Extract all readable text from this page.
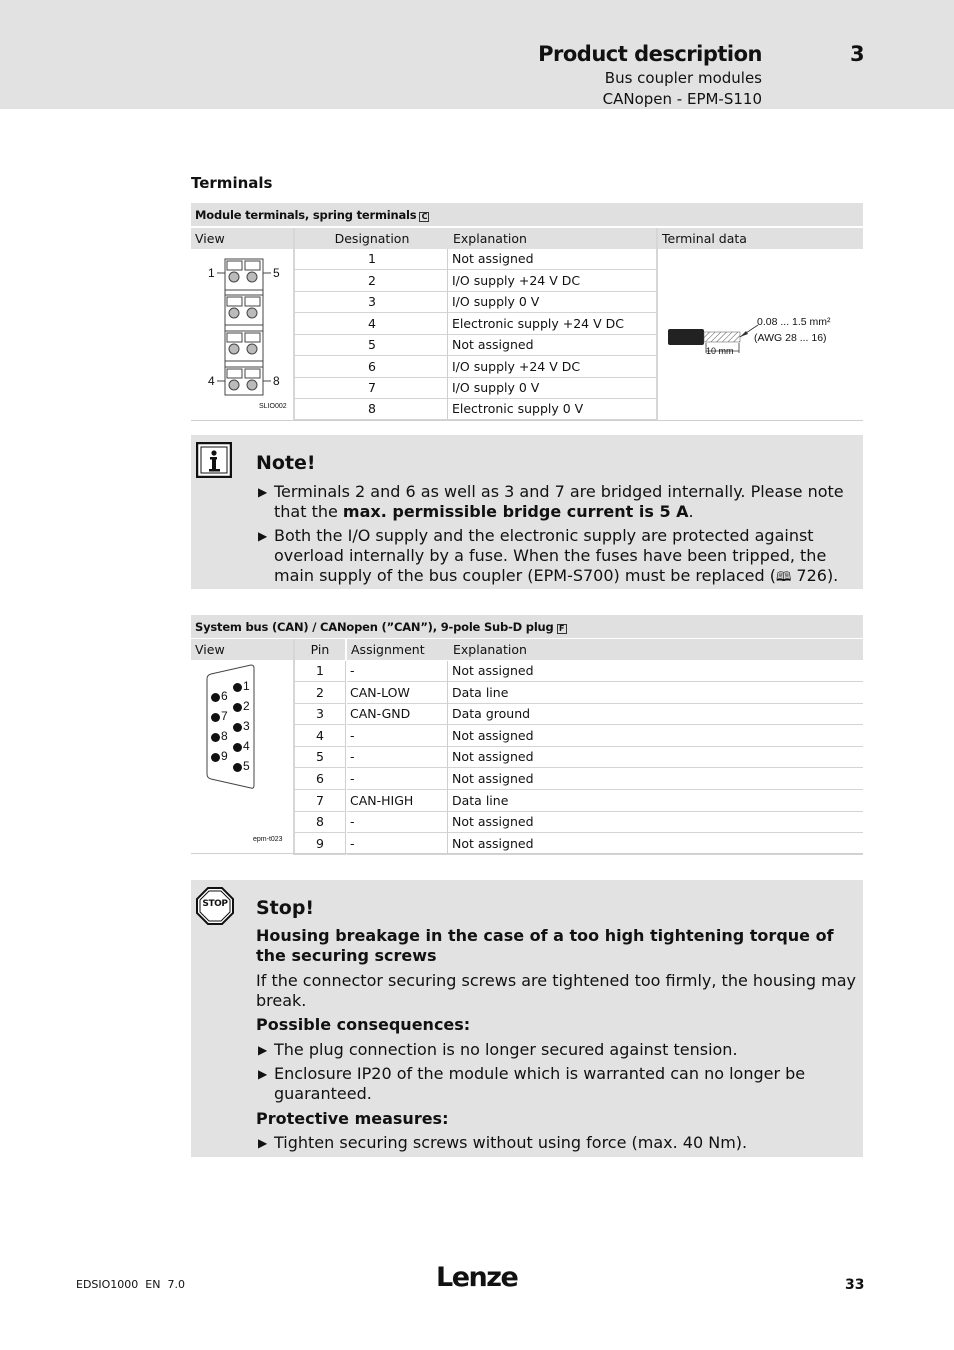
Product description	3
Bus coupler modules
CANopen - EPM-S110
Terminals
Module terminals, spring terminals C
View	Designation	Explanation	Terminal data
1	Not assigned
2	I/O supply +24 V DC
3	I/O supply 0 V
4	Electronic supply +24 V DC
5	Not assigned
6	I/O supply +24 V DC
7	I/O supply 0 V
8	Electronic supply 0 V
1	5
4	8
SLIO002
0.08 ... 1.5 mm²
(AWG 28 ... 16)
10 mm
Note!
▶ Terminals 2 and 6 as well as 3 and 7 are bridged internally. Please note that the max. permissible bridge current is 5 A.
▶ Both the I/O supply and the electronic supply are protected against overload internally by a fuse. When the fuses have been tripped, the main supply of the bus coupler (EPM-S700) must be replaced (🕮 726).
System bus (CAN) / CANopen (”CAN”), 9-pole Sub-D plug F
View	Pin	Assignment	Explanation
1	-	Not assigned
2	CAN-LOW	Data line
3	CAN-GND	Data ground
4	-	Not assigned
5	-	Not assigned
6	-	Not assigned
7	CAN-HIGH	Data line
8	-	Not assigned
9	-	Not assigned
6
7
8
9
1
2
3
4
5
epm-t023
STOP Stop!
Housing breakage in the case of a too high tightening torque of the securing screws
If the connector securing screws are tightened too firmly, the housing may break.
Possible consequences:
▶ The plug connection is no longer secured against tension.
▶ Enclosure IP20 of the module which is warranted can no longer be guaranteed.
Protective measures:
▶ Tighten securing screws without using force (max. 40 Nm).
EDSIO1000  EN  7.0	Lenze	33
